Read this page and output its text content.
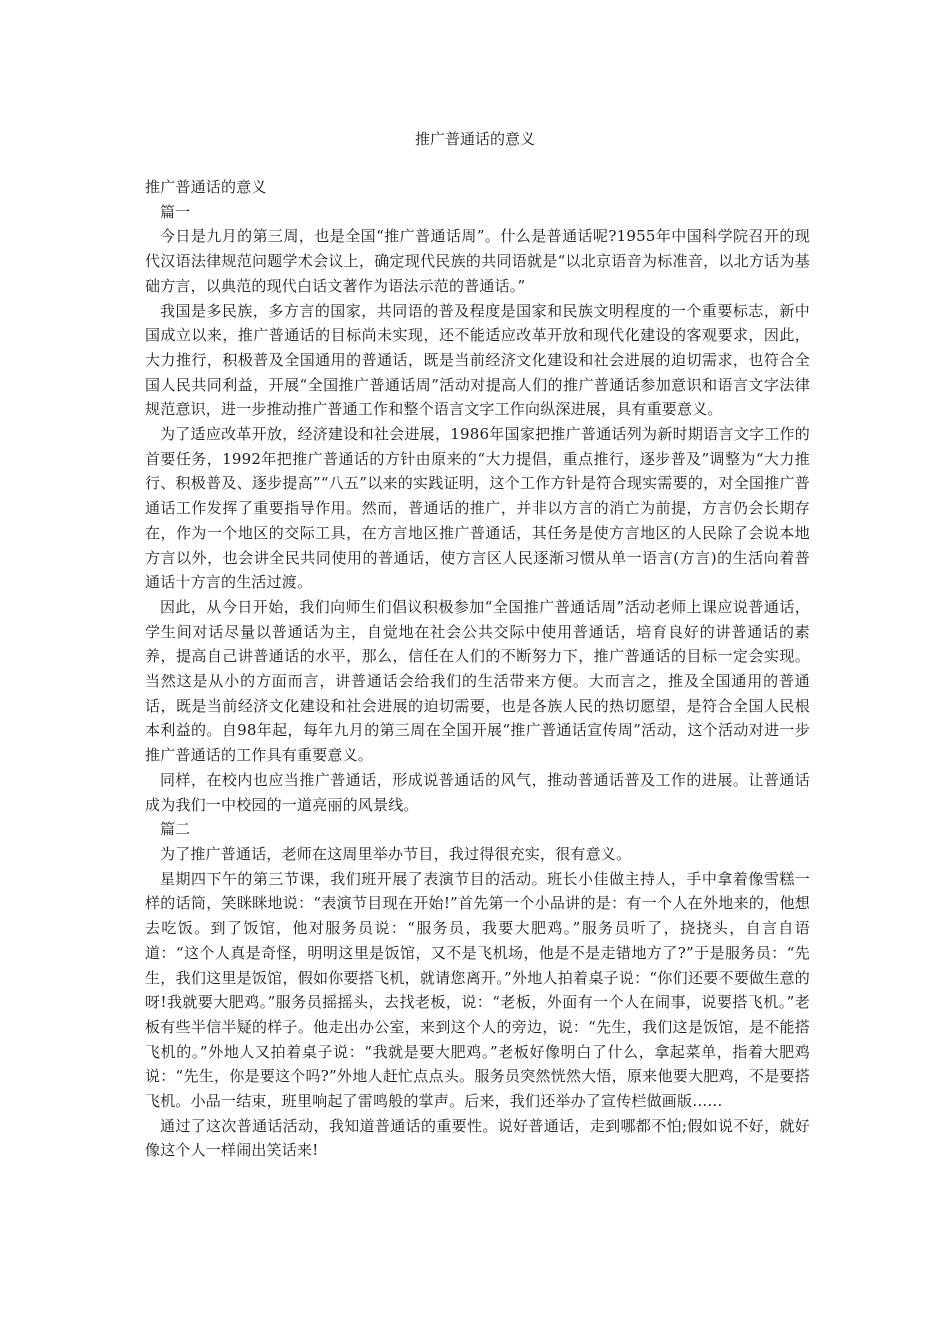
推广普通话的意义

推广普通话的意义

篇一

今日是九月的第三周，也是全国“推广普通话周”。什么是普通话呢?1955年中国科学院召开的现代汉语法律规范问题学术会议上，确定现代民族的共同语就是“以北京语音为标准音，以北方话为基础方言，以典范的现代白话文著作为语法示范的普通话。”

我国是多民族，多方言的国家，共同语的普及程度是国家和民族文明程度的一个重要标志，新中国成立以来，推广普通话的目标尚未实现，还不能适应改革开放和现代化建设的客观要求，因此，大力推行，积极普及全国通用的普通话，既是当前经济文化建设和社会进展的迫切需求，也符合全国人民共同利益，开展“全国推广普通话周”活动对提高人们的推广普通话参加意识和语言文字法律规范意识，进一步推动推广普通工作和整个语言文字工作向纵深进展，具有重要意义。

为了适应改革开放，经济建设和社会进展，1986年国家把推广普通话列为新时期语言文字工作的首要任务，1992年把推广普通话的方针由原来的“大力提倡，重点推行，逐步普及”调整为“大力推行、积极普及、逐步提高”“八五”以来的实践证明，这个工作方针是符合现实需要的，对全国推广普通话工作发挥了重要指导作用。然而，普通话的推广，并非以方言的消亡为前提，方言仍会长期存在，作为一个地区的交际工具，在方言地区推广普通话，其任务是使方言地区的人民除了会说本地方言以外，也会讲全民共同使用的普通话，使方言区人民逐渐习惯从单一语言(方言)的生活向着普通话十方言的生活过渡。

因此，从今日开始，我们向师生们倡议积极参加“全国推广普通话周”活动老师上课应说普通话，学生间对话尽量以普通话为主，自觉地在社会公共交际中使用普通话，培育良好的讲普通话的素养，提高自己讲普通话的水平，那么，信任在人们的不断努力下，推广普通话的目标一定会实现。当然这是从小的方面而言，讲普通话会给我们的生活带来方便。大而言之，推及全国通用的普通话，既是当前经济文化建设和社会进展的迫切需要，也是各族人民的热切愿望，是符合全国人民根本利益的。自98年起，每年九月的第三周在全国开展“推广普通话宣传周”活动，这个活动对进一步推广普通话的工作具有重要意义。

同样，在校内也应当推广普通话，形成说普通话的风气，推动普通话普及工作的进展。让普通话成为我们一中校园的一道亮丽的风景线。

篇二

为了推广普通话，老师在这周里举办节目，我过得很充实，很有意义。

星期四下午的第三节课，我们班开展了表演节目的活动。班长小佳做主持人，手中拿着像雪糕一样的话筒，笑眯眯地说：“表演节目现在开始!”首先第一个小品讲的是：有一个人在外地来的，他想去吃饭。到了饭馆，他对服务员说：“服务员，我要大肥鸡。”服务员听了，挠挠头，自言自语道：“这个人真是奇怪，明明这里是饭馆，又不是飞机场，他是不是走错地方了?”于是服务员：“先生，我们这里是饭馆，假如你要搭飞机，就请您离开。”外地人拍着桌子说：“你们还要不要做生意的呀!我就要大肥鸡。”服务员摇摇头，去找老板，说：“老板，外面有一个人在闹事，说要搭飞机。”老板有些半信半疑的样子。他走出办公室，来到这个人的旁边，说：“先生，我们这是饭馆，是不能搭飞机的。”外地人又拍着桌子说：“我就是要大肥鸡。”老板好像明白了什么，拿起菜单，指着大肥鸡说：“先生，你是要这个吗?”外地人赶忙点点头。服务员突然恍然大悟，原来他要大肥鸡，不是要搭飞机。小品一结束，班里响起了雷鸣般的掌声。后来，我们还举办了宣传栏做画版……

通过了这次普通话活动，我知道普通话的重要性。说好普通话，走到哪都不怕;假如说不好，就好像这个人一样闹出笑话来!
